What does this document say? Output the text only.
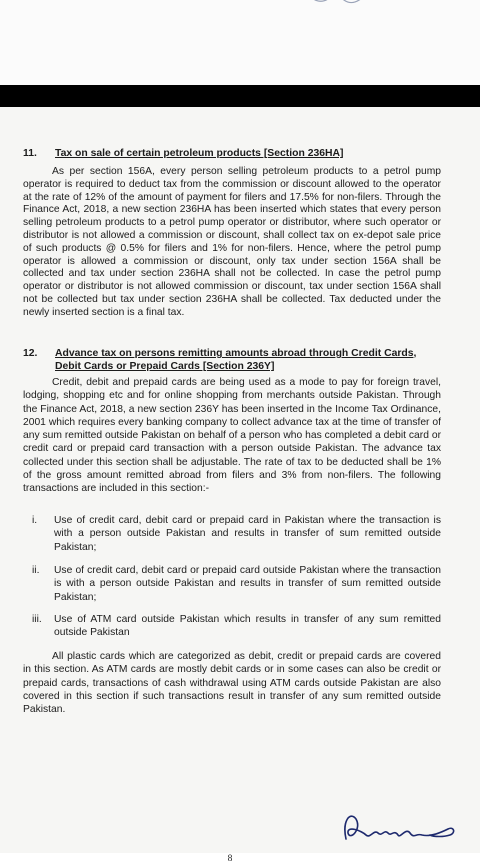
11. Tax on sale of certain petroleum products [Section 236HA]

As per section 156A, every person selling petroleum products to a petrol pump operator is required to deduct tax from the commission or discount allowed to the operator at the rate of 12% of the amount of payment for filers and 17.5% for non-filers. Through the Finance Act, 2018, a new section 236HA has been inserted which states that every person selling petroleum products to a petrol pump operator or distributor, where such operator or distributor is not allowed a commission or discount, shall collect tax on ex-depot sale price of such products @ 0.5% for filers and 1% for non-filers. Hence, where the petrol pump operator is allowed a commission or discount, only tax under section 156A shall be collected and tax under section 236HA shall not be collected. In case the petrol pump operator or distributor is not allowed commission or discount, tax under section 156A shall not be collected but tax under section 236HA shall be collected. Tax deducted under the newly inserted section is a final tax.

12. Advance tax on persons remitting amounts abroad through Credit Cards,
Debit Cards or Prepaid Cards [Section 236Y]

Credit, debit and prepaid cards are being used as a mode to pay for foreign travel, lodging, shopping etc and for online shopping from merchants outside Pakistan. Through the Finance Act, 2018, a new section 236Y has been inserted in the Income Tax Ordinance, 2001 which requires every banking company to collect advance tax at the time of transfer of any sum remitted outside Pakistan on behalf of a person who has completed a debit card or credit card or prepaid card transaction with a person outside Pakistan. The advance tax collected under this section shall be adjustable. The rate of tax to be deducted shall be 1% of the gross amount remitted abroad from filers and 3% from non-filers. The following transactions are included in this section:-

i. Use of credit card, debit card or prepaid card in Pakistan where the transaction is with a person outside Pakistan and results in transfer of sum remitted outside Pakistan;
ii. Use of credit card, debit card or prepaid card outside Pakistan where the transaction is with a person outside Pakistan and results in transfer of sum remitted outside Pakistan;
iii. Use of ATM card outside Pakistan which results in transfer of any sum remitted outside Pakistan

All plastic cards which are categorized as debit, credit or prepaid cards are covered in this section. As ATM cards are mostly debit cards or in some cases can also be credit or prepaid cards, transactions of cash withdrawal using ATM cards outside Pakistan are also covered in this section if such transactions result in transfer of any sum remitted outside Pakistan.

8
